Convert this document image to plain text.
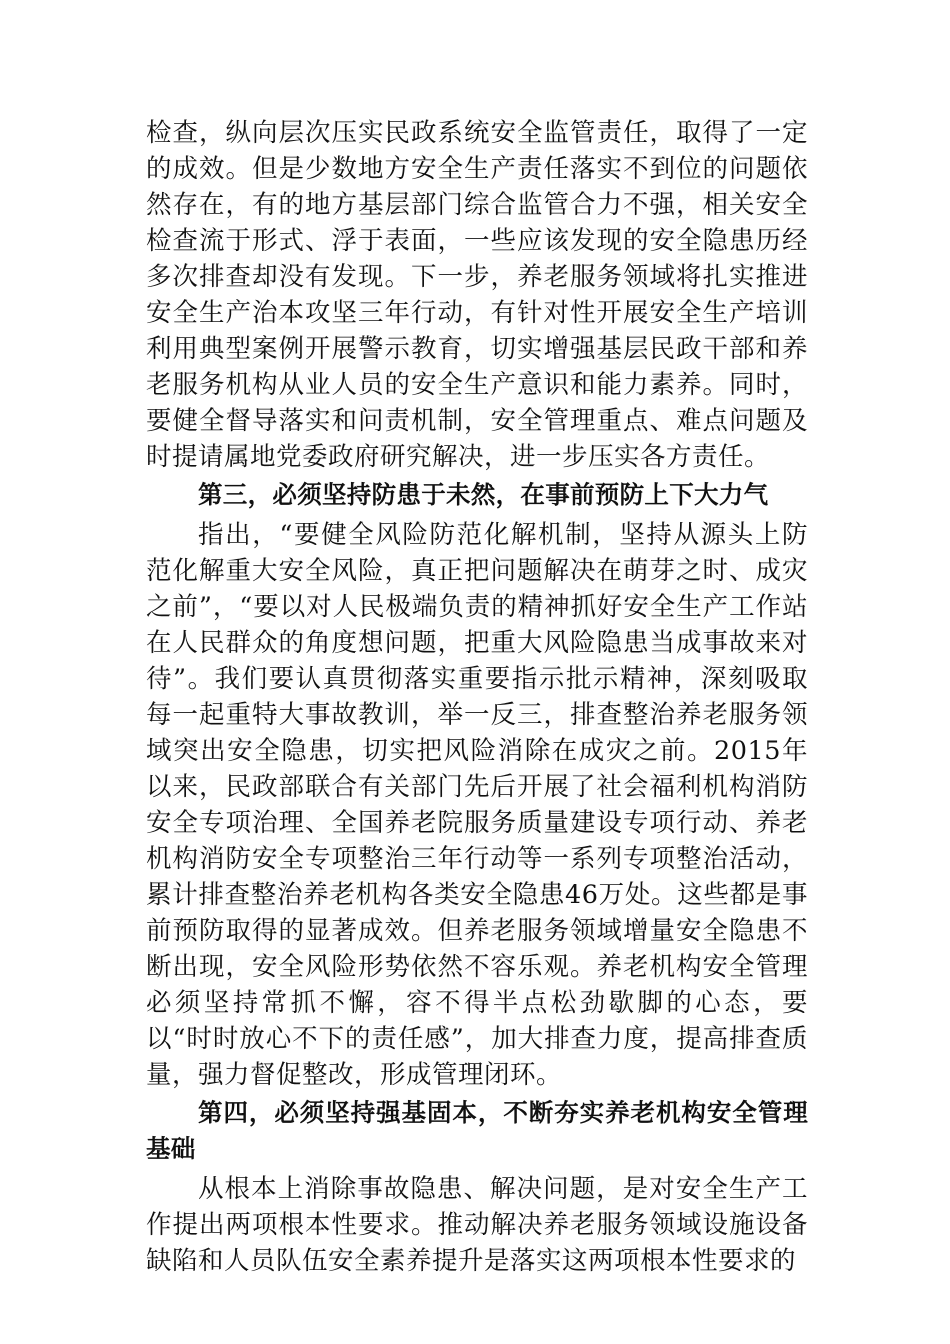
检查，纵向层次压实民政系统安全监管责任，取得了一定的成效。但是少数地方安全生产责任落实不到位的问题依然存在，有的地方基层部门综合监管合力不强，相关安全检查流于形式、浮于表面，一些应该发现的安全隐患历经多次排查却没有发现。下一步，养老服务领域将扎实推进安全生产治本攻坚三年行动，有针对性开展安全生产培训利用典型案例开展警示教育，切实增强基层民政干部和养老服务机构从业人员的安全生产意识和能力素养。同时，要健全督导落实和问责机制，安全管理重点、难点问题及时提请属地党委政府研究解决，进一步压实各方责任。

第三，必须坚持防患于未然，在事前预防上下大力气

指出，“要健全风险防范化解机制，坚持从源头上防范化解重大安全风险，真正把问题解决在萌芽之时、成灾之前”，“要以对人民极端负责的精神抓好安全生产工作站在人民群众的角度想问题，把重大风险隐患当成事故来对待”。我们要认真贯彻落实重要指示批示精神，深刻吸取每一起重特大事故教训，举一反三，排查整治养老服务领域突出安全隐患，切实把风险消除在成灾之前。2015年以来，民政部联合有关部门先后开展了社会福利机构消防安全专项治理、全国养老院服务质量建设专项行动、养老机构消防安全专项整治三年行动等一系列专项整治活动，累计排查整治养老机构各类安全隐患46万处。这些都是事前预防取得的显著成效。但养老服务领域增量安全隐患不断出现，安全风险形势依然不容乐观。养老机构安全管理必须坚持常抓不懈，容不得半点松劲歇脚的心态，要以“时时放心不下的责任感”，加大排查力度，提高排查质量，强力督促整改，形成管理闭环。

第四，必须坚持强基固本，不断夯实养老机构安全管理基础

从根本上消除事故隐患、解决问题，是对安全生产工作提出两项根本性要求。推动解决养老服务领域设施设备缺陷和人员队伍安全素养提升是落实这两项根本性要求的
